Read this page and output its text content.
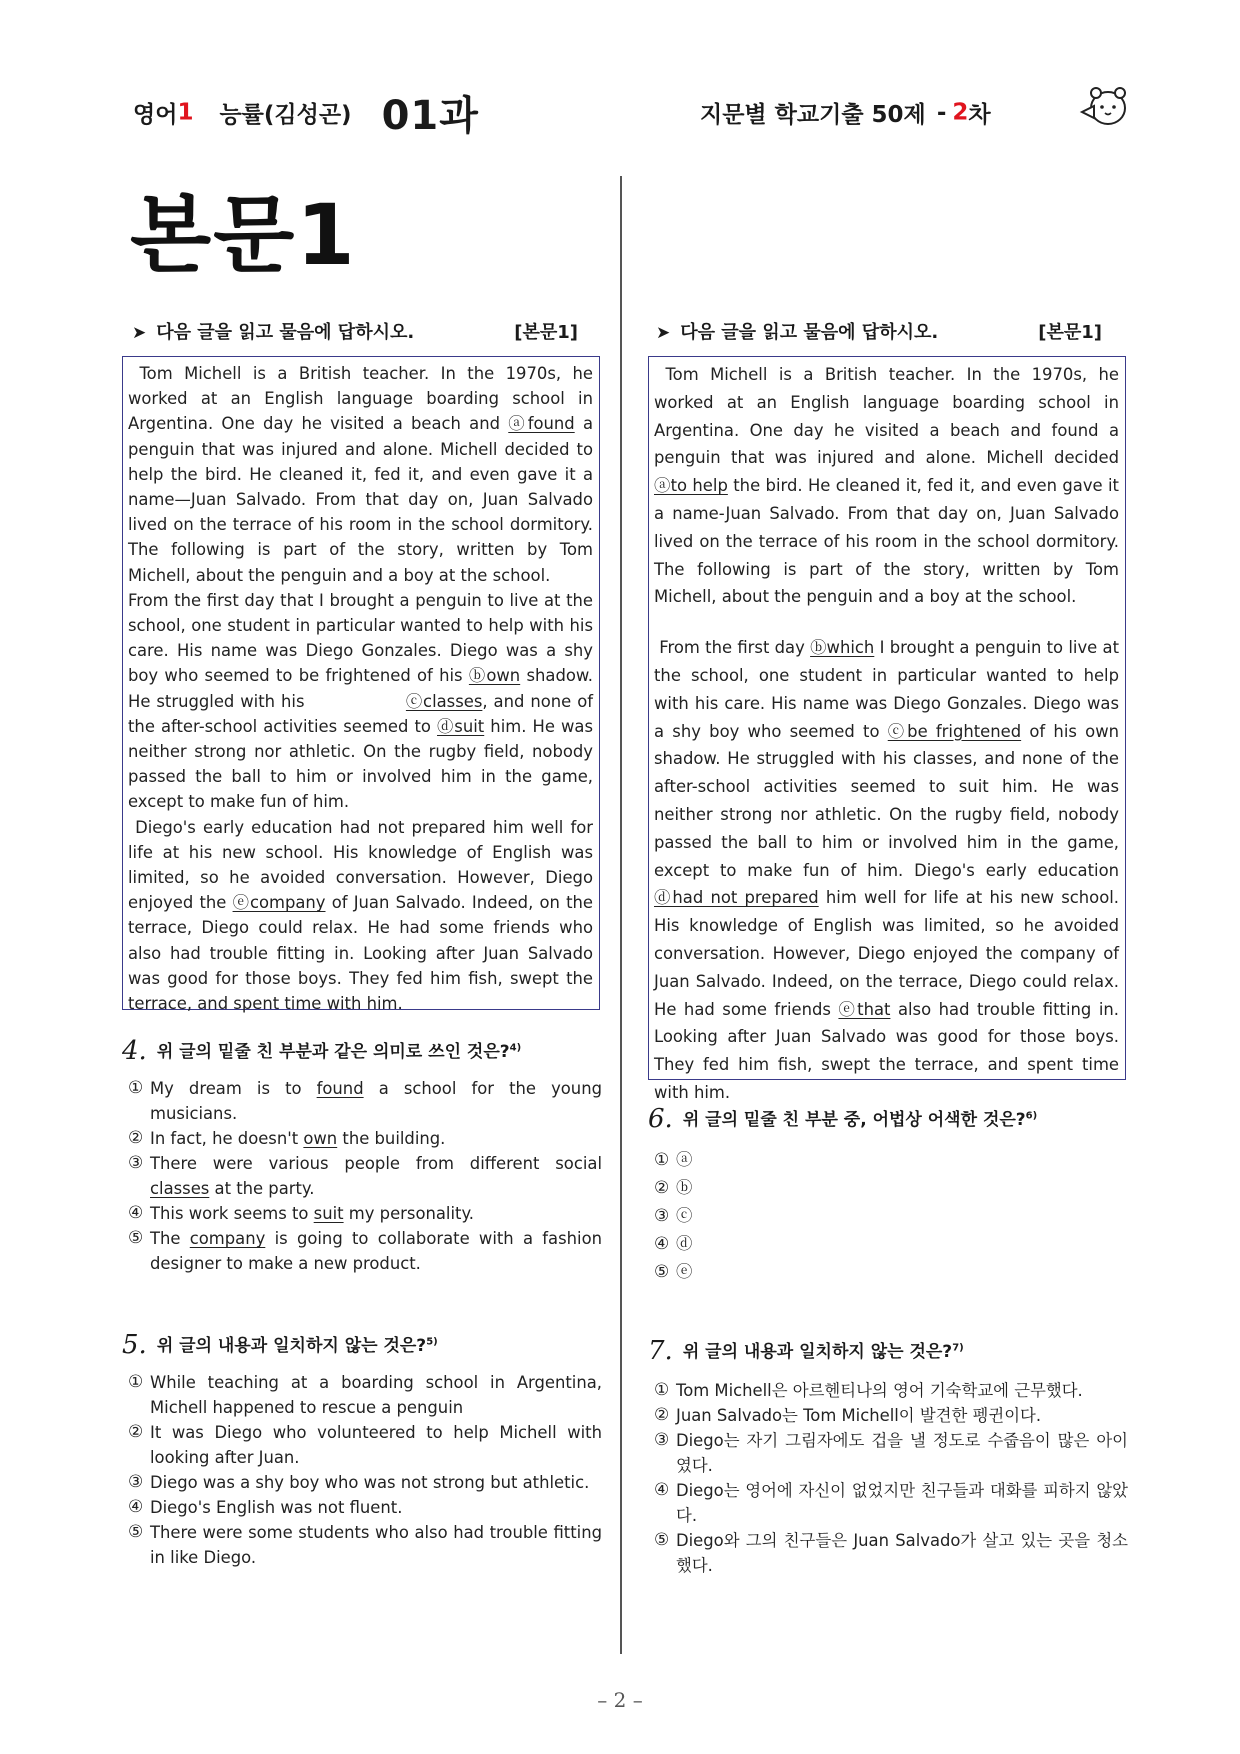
영어1 능률(김성곤) 01과	지문별 학교기출 50제 - 2차
본문1
➤ 다음 글을 읽고 물음에 답하시오.	[본문1]

Tom Michell is a British teacher. In the 1970s, he worked at an English language boarding school in Argentina. One day he visited a beach and ⓐfound a penguin that was injured and alone. Michell decided to help the bird. He cleaned it, fed it, and even gave it a name—Juan Salvado. From that day on, Juan Salvado lived on the terrace of his room in the school dormitory. The following is part of the story, written by Tom Michell, about the penguin and a boy at the school.

From the first day that I brought a penguin to live at the school, one student in particular wanted to help with his care. His name was Diego Gonzales. Diego was a shy boy who seemed to be frightened of his ⓑown shadow. He struggled with his                 ⓒclasses, and none of the after-school activities seemed to ⓓsuit him. He was neither strong nor athletic. On the rugby field, nobody passed the ball to him or involved him in the game, except to make fun of him.

Diego's early education had not prepared him well for life at his new school. His knowledge of English was limited, so he avoided conversation. However, Diego enjoyed the ⓔcompany of Juan Salvado. Indeed, on the terrace, Diego could relax. He had some friends who also had trouble fitting in. Looking after Juan Salvado was good for those boys. They fed him fish, swept the terrace, and spent time with him.

4. 위 글의 밑줄 친 부분과 같은 의미로 쓰인 것은?$^{4)}$
① My dream is to found a school for the young musicians.
② In fact, he doesn't own the building.
③ There were various people from different social classes at the party.
④ This work seems to suit my personality.
⑤ The company is going to collaborate with a fashion designer to make a new product.
5. 위 글의 내용과 일치하지 않는 것은?$^{5)}$
① While teaching at a boarding school in Argentina, Michell happened to rescue a penguin
② It was Diego who volunteered to help Michell with looking after Juan.
③ Diego was a shy boy who was not strong but athletic.
④ Diego's English was not fluent.
⑤ There were some students who also had trouble fitting in like Diego.
➤ 다음 글을 읽고 물음에 답하시오.	[본문1]

Tom Michell is a British teacher. In the 1970s, he worked at an English language boarding school in Argentina. One day he visited a beach and found a penguin that was injured and alone. Michell decided ⓐto help the bird. He cleaned it, fed it, and even gave it a name-Juan Salvado. From that day on, Juan Salvado lived on the terrace of his room in the school dormitory. The following is part of the story, written by Tom Michell, about the penguin and a boy at the school.

From the first day ⓑwhich I brought a penguin to live at the school, one student in particular wanted to help with his care. His name was Diego Gonzales. Diego was a shy boy who seemed to ⓒbe frightened of his own shadow. He struggled with his classes, and none of the after-school activities seemed to suit him. He was neither strong nor athletic. On the rugby field, nobody passed the ball to him or involved him in the game, except to make fun of him. Diego's early education ⓓhad not prepared him well for life at his new school. His knowledge of English was limited, so he avoided conversation. However, Diego enjoyed the company of Juan Salvado. Indeed, on the terrace, Diego could relax. He had some friends ⓔthat also had trouble fitting in. Looking after Juan Salvado was good for those boys. They fed him fish, swept the terrace, and spent time with him.

6. 위 글의 밑줄 친 부분 중, 어법상 어색한 것은?$^{6)}$
① ⓐ
② ⓑ
③ ⓒ
④ ⓓ
⑤ ⓔ
7. 위 글의 내용과 일치하지 않는 것은?$^{7)}$
① Tom Michell은 아르헨티나의 영어 기숙학교에 근무했다.
② Juan Salvado는 Tom Michell이 발견한 펭귄이다.
③ Diego는 자기 그림자에도 겁을 낼 정도로 수줍음이 많은 아이였다.
④ Diego는 영어에 자신이 없었지만 친구들과 대화를 피하지 않았다.
⑤ Diego와 그의 친구들은 Juan Salvado가 살고 있는 곳을 청소했다.
– 2 –
